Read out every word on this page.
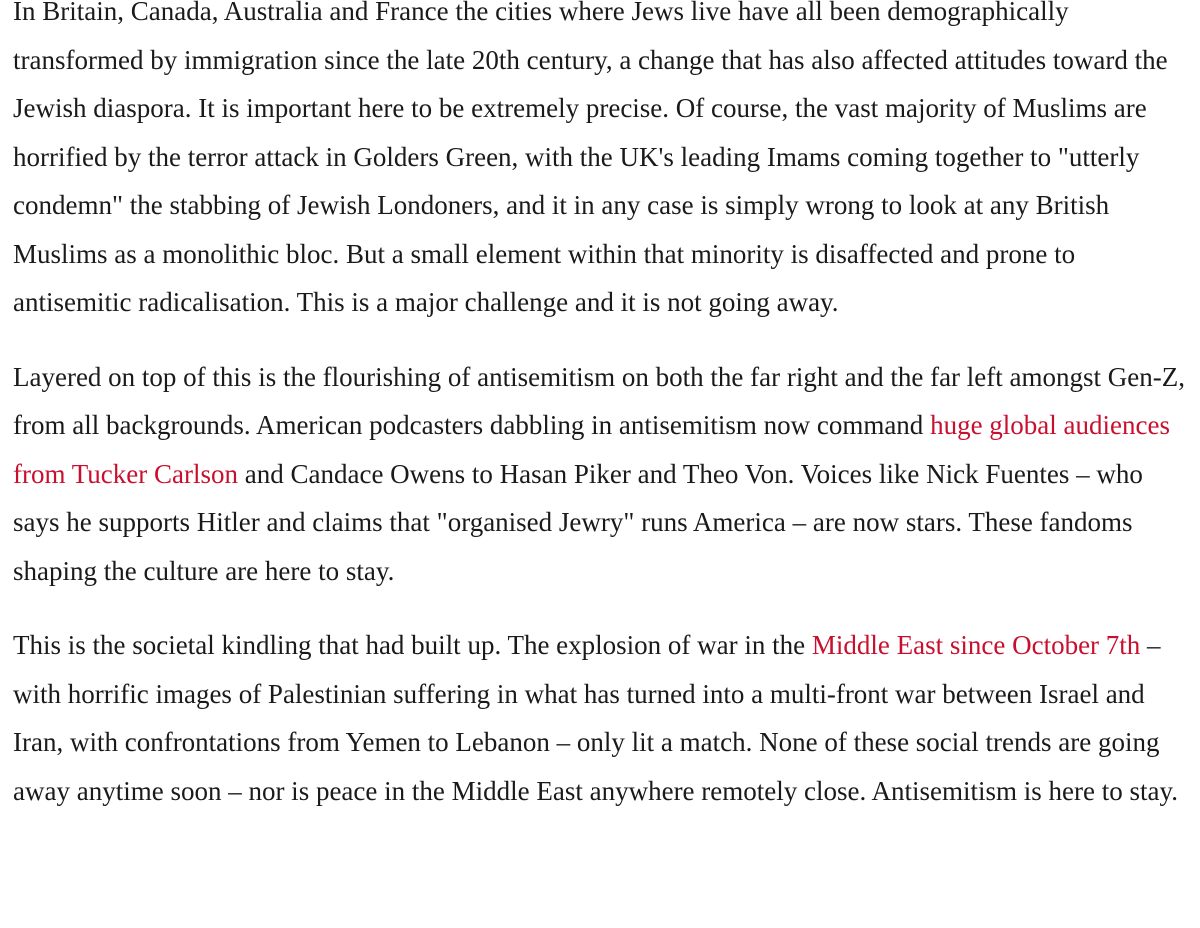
In Britain, Canada, Australia and France the cities where Jews live have all been demographically transformed by immigration since the late 20th century, a change that has also affected attitudes toward the Jewish diaspora. It is important here to be extremely precise. Of course, the vast majority of Muslims are horrified by the terror attack in Golders Green, with the UK's leading Imams coming together to "utterly condemn" the stabbing of Jewish Londoners, and it in any case is simply wrong to look at any British Muslims as a monolithic bloc. But a small element within that minority is disaffected and prone to antisemitic radicalisation. This is a major challenge and it is not going away.

Layered on top of this is the flourishing of antisemitism on both the far right and the far left amongst Gen-Z, from all backgrounds. American podcasters dabbling in antisemitism now command huge global audiences from Tucker Carlson and Candace Owens to Hasan Piker and Theo Von. Voices like Nick Fuentes – who says he supports Hitler and claims that "organised Jewry" runs America – are now stars. These fandoms shaping the culture are here to stay.

This is the societal kindling that had built up. The explosion of war in the Middle East since October 7th – with horrific images of Palestinian suffering in what has turned into a multi-front war between Israel and Iran, with confrontations from Yemen to Lebanon – only lit a match. None of these social trends are going away anytime soon – nor is peace in the Middle East anywhere remotely close. Antisemitism is here to stay.
